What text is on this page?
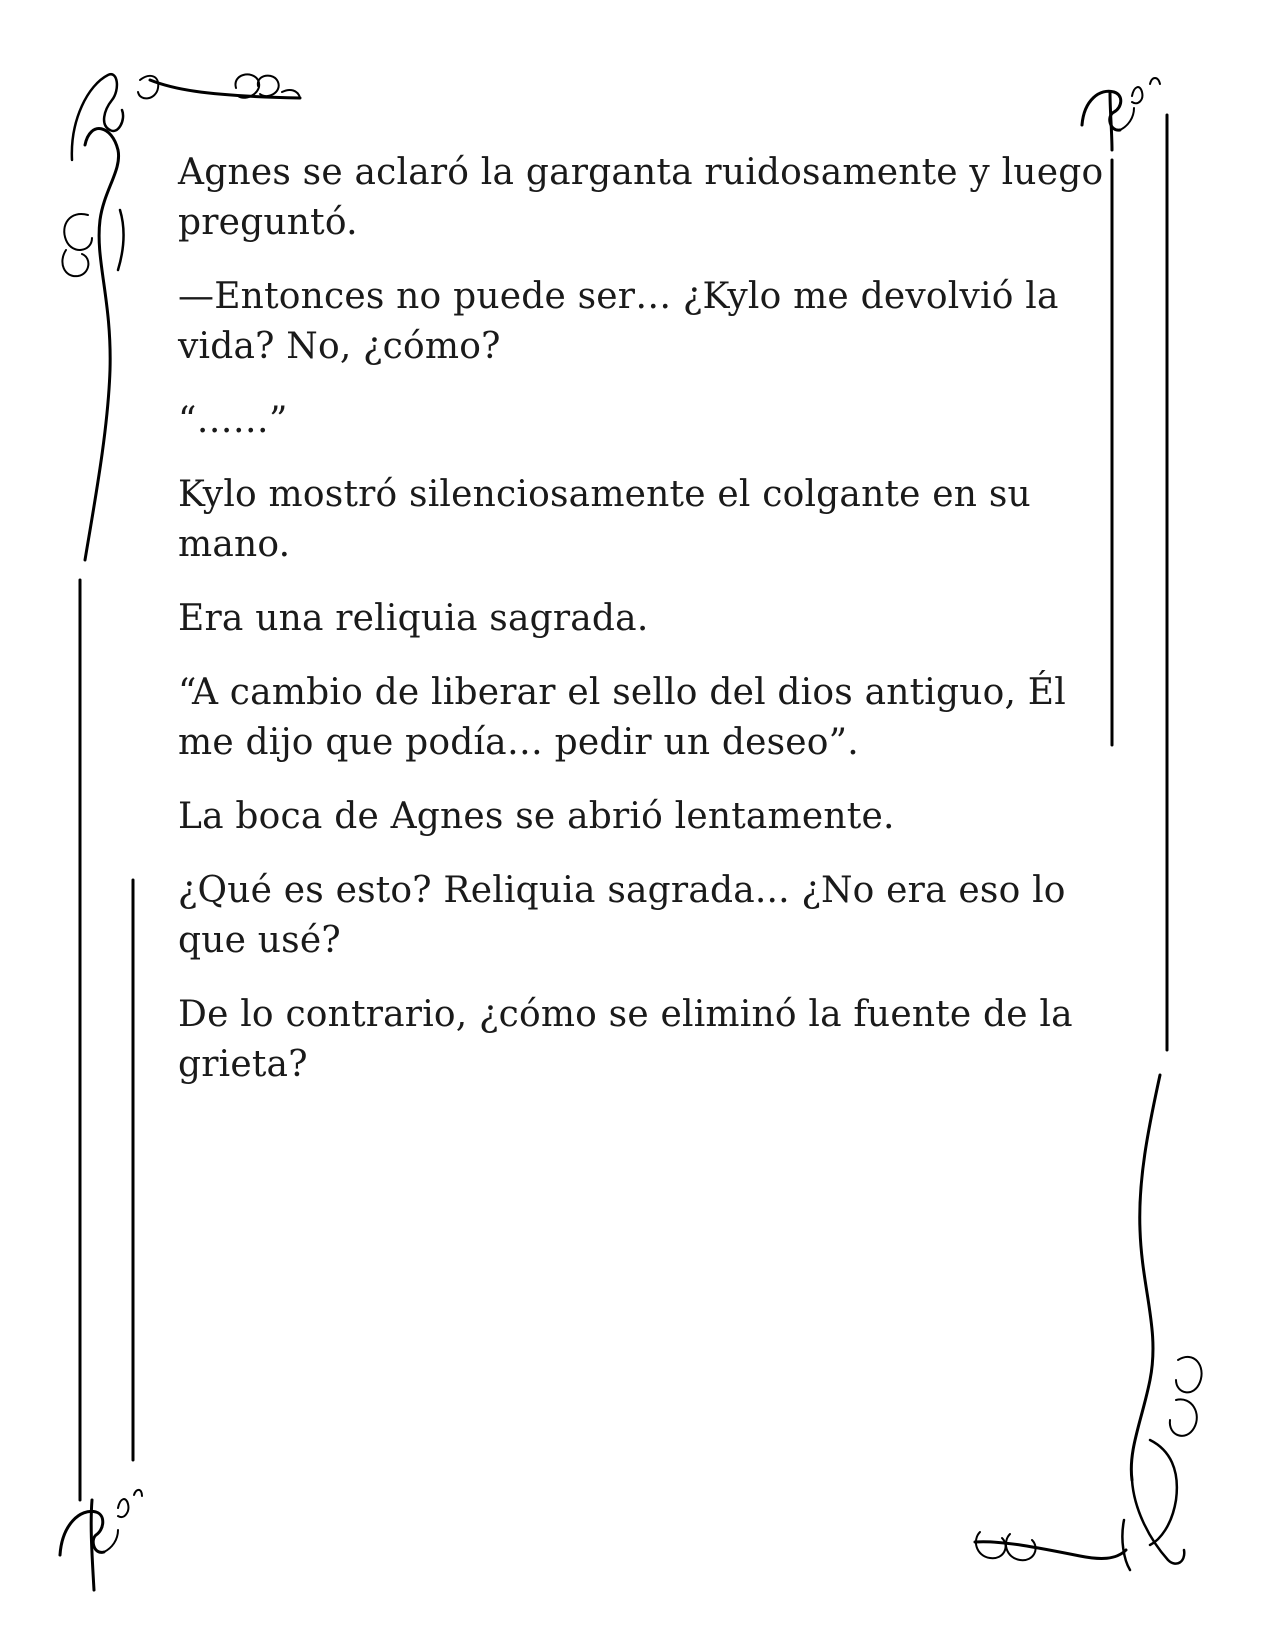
Agnes se aclaró la garganta ruidosamente y luego preguntó.

—Entonces no puede ser… ¿Kylo me devolvió la vida? No, ¿cómo?

“……”

Kylo mostró silenciosamente el colgante en su mano.

Era una reliquia sagrada.

“A cambio de liberar el sello del dios antiguo, Él me dijo que podía… pedir un deseo”.

La boca de Agnes se abrió lentamente.

¿Qué es esto? Reliquia sagrada... ¿No era eso lo que usé?

De lo contrario, ¿cómo se eliminó la fuente de la grieta?
